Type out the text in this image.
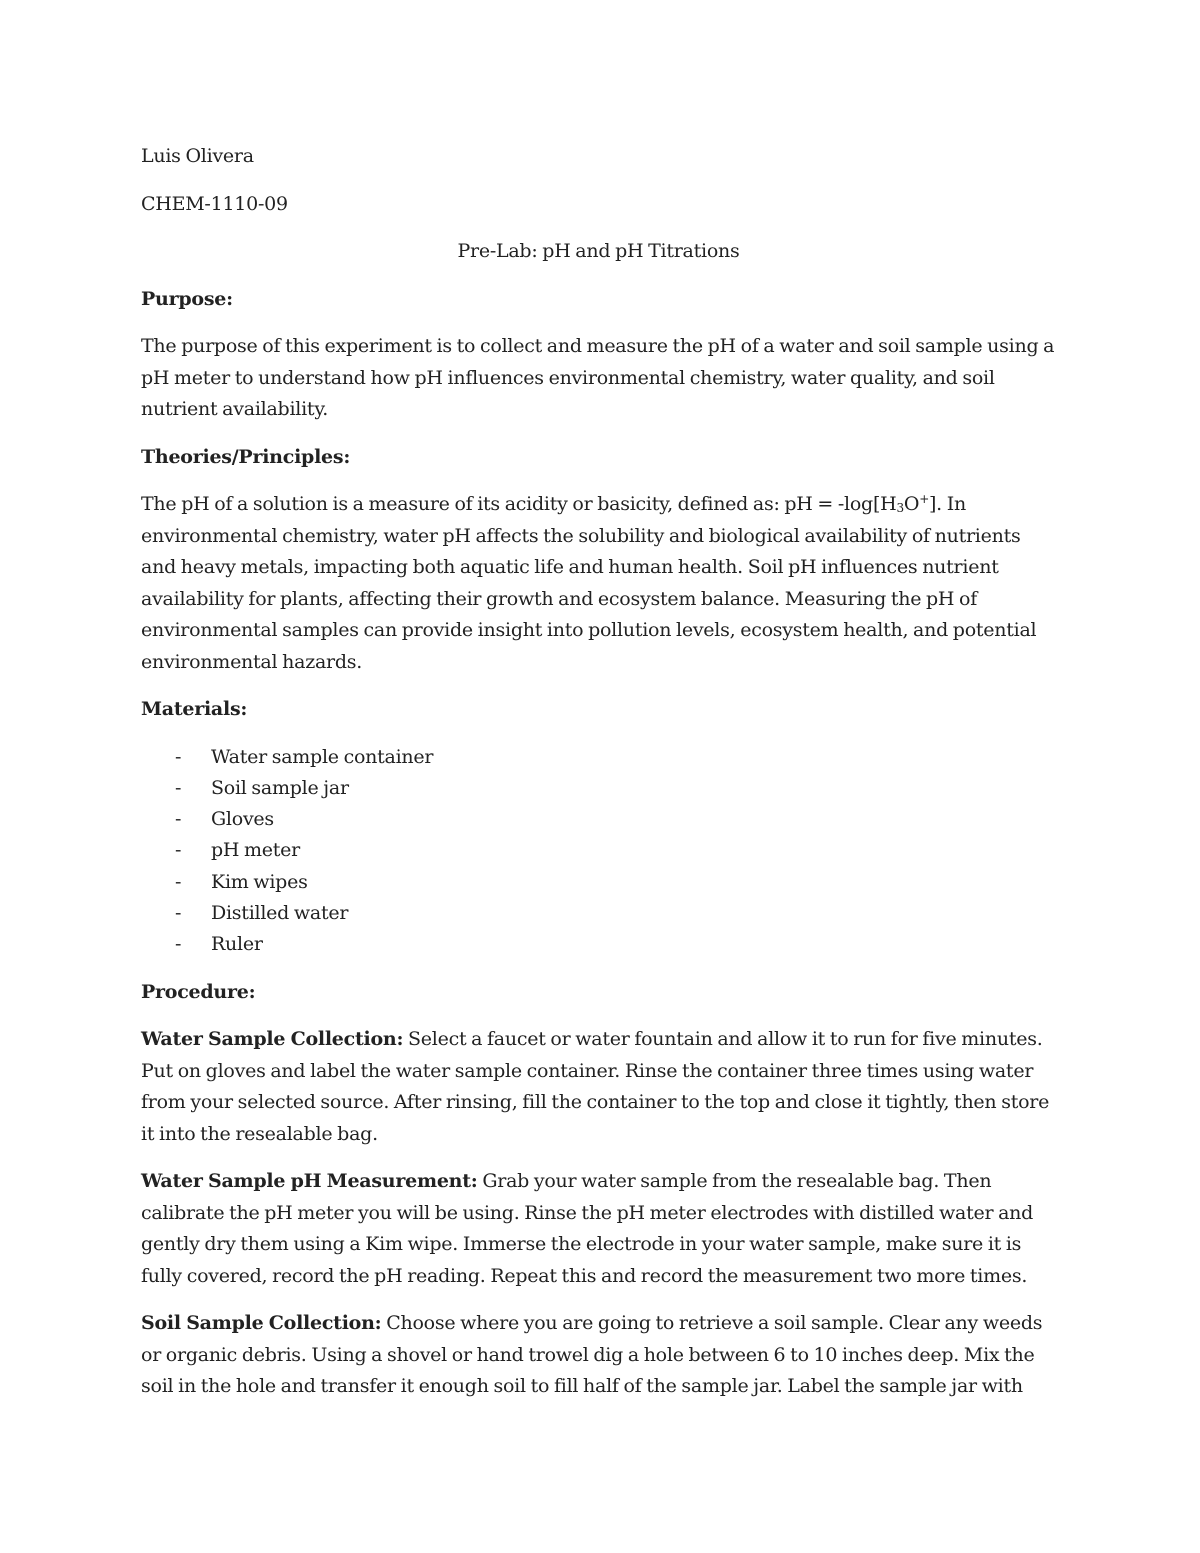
Luis Olivera
CHEM-1110-09
Pre-Lab: pH and pH Titrations
Purpose:
The purpose of this experiment is to collect and measure the pH of a water and soil sample using a pH meter to understand how pH influences environmental chemistry, water quality, and soil nutrient availability.
Theories/Principles:
The pH of a solution is a measure of its acidity or basicity, defined as: pH = $-\log[H_3O^+]$. In environmental chemistry, water pH affects the solubility and biological availability of nutrients and heavy metals, impacting both aquatic life and human health. Soil pH influences nutrient availability for plants, affecting their growth and ecosystem balance. Measuring the pH of environmental samples can provide insight into pollution levels, ecosystem health, and potential environmental hazards.
Materials:
- Water sample container
- Soil sample jar
- Gloves
- pH meter
- Kim wipes
- Distilled water
- Ruler
Procedure:
Water Sample Collection: Select a faucet or water fountain and allow it to run for five minutes. Put on gloves and label the water sample container. Rinse the container three times using water from your selected source. After rinsing, fill the container to the top and close it tightly, then store it into the resealable bag.
Water Sample pH Measurement: Grab your water sample from the resealable bag. Then calibrate the pH meter you will be using. Rinse the pH meter electrodes with distilled water and gently dry them using a Kim wipe. Immerse the electrode in your water sample, make sure it is fully covered, record the pH reading. Repeat this and record the measurement two more times.
Soil Sample Collection: Choose where you are going to retrieve a soil sample. Clear any weeds or organic debris. Using a shovel or hand trowel dig a hole between 6 to 10 inches deep. Mix the soil in the hole and transfer it enough soil to fill half of the sample jar. Label the sample jar with
